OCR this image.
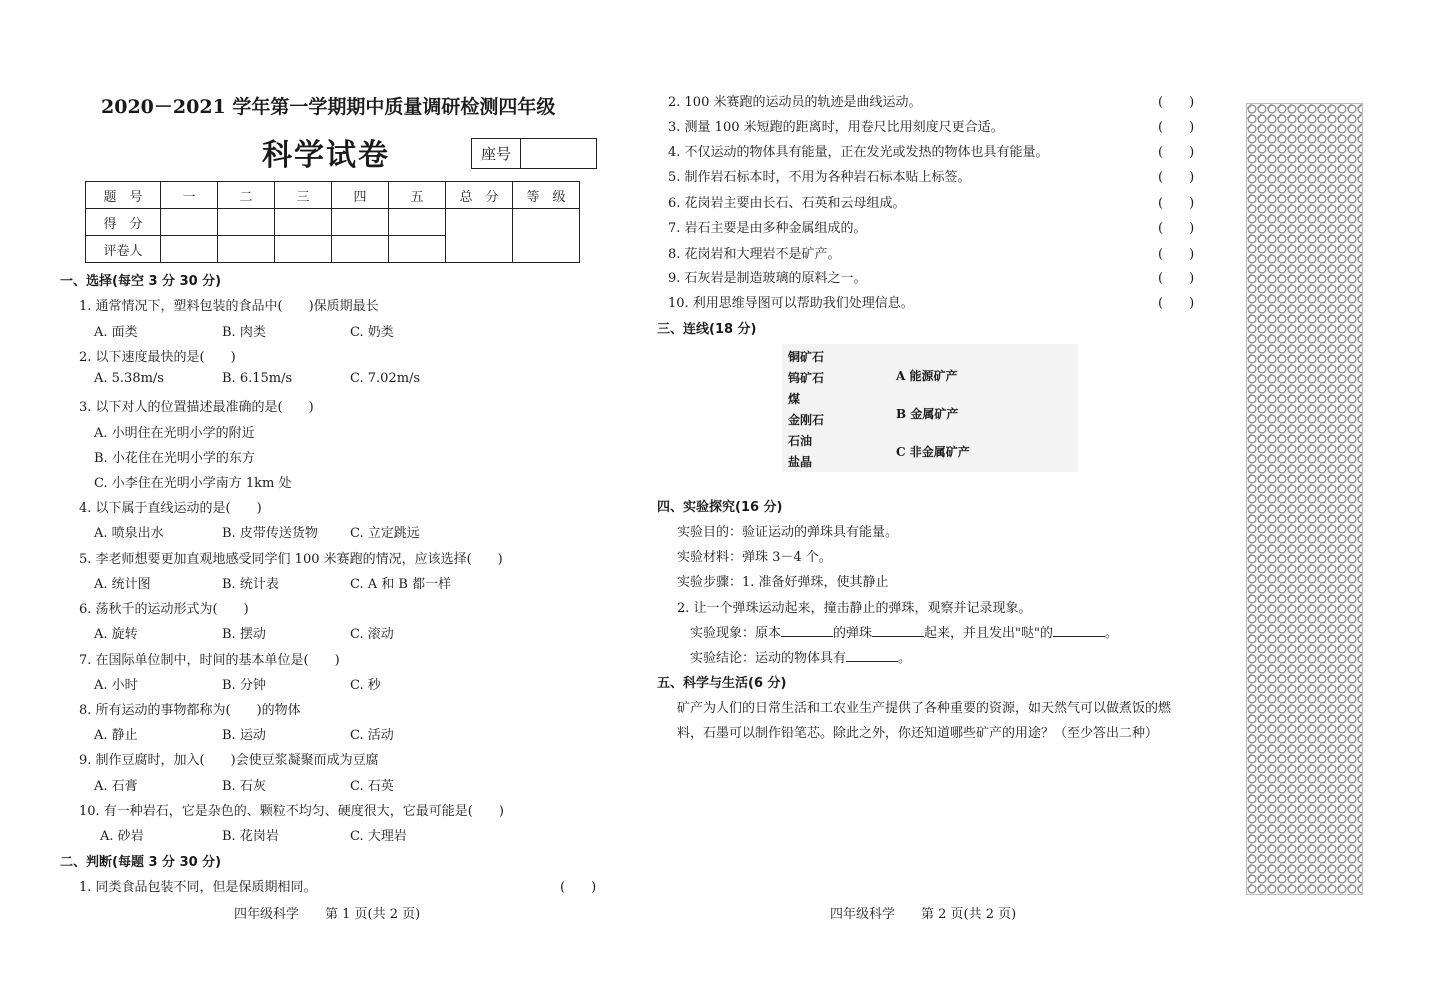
2020－2021 学年第一学期期中质量调研检测四年级
科学试卷	座号
题　号	一	二	三	四	五	总　分	等　级
得　分							
评卷人							
一、选择(每空 3 分 30 分)
1. 通常情况下，塑料包装的食品中(　　)保质期最长
A. 面类	B. 肉类	C. 奶类
2. 以下速度最快的是(　　)
A. 5.38m/s	B. 6.15m/s	C. 7.02m/s
3. 以下对人的位置描述最准确的是(　　)
A. 小明住在光明小学的附近
B. 小花住在光明小学的东方
C. 小李住在光明小学南方 1km 处
4. 以下属于直线运动的是(　　)
A. 喷泉出水	B. 皮带传送货物 C. 立定跳远
5. 李老师想要更加直观地感受同学们 100 米赛跑的情况，应该选择(　　)
A. 统计图	B. 统计表	C. A 和 B 都一样
6. 荡秋千的运动形式为(　　)
A. 旋转	B. 摆动	C. 滚动
7. 在国际单位制中，时间的基本单位是(　　)
A. 小时	B. 分钟	C. 秒
8. 所有运动的事物都称为(　　)的物体
A. 静止	B. 运动	C. 活动
9. 制作豆腐时，加入(　　)会使豆浆凝聚而成为豆腐
A. 石膏	B. 石灰	C. 石英
10. 有一种岩石，它是杂色的、颗粒不均匀、硬度很大，它最可能是(　　)
A. 砂岩	B. 花岗岩	C. 大理岩
二、判断(每题 3 分 30 分)
1. 同类食品包装不同，但是保质期相同。	(　　)
2. 100 米赛跑的运动员的轨迹是曲线运动。	(　　)
3. 测量 100 米短跑的距离时，用卷尺比用刻度尺更合适。	(　　)
4. 不仅运动的物体具有能量，正在发光或发热的物体也具有能量。	(　　)
5. 制作岩石标本时，不用为各种岩石标本贴上标签。	(　　)
6. 花岗岩主要由长石、石英和云母组成。	(　　)
7. 岩石主要是由多种金属组成的。	(　　)
8. 花岗岩和大理岩不是矿产。	(　　)
9. 石灰岩是制造玻璃的原料之一。	(　　)
10. 利用思维导图可以帮助我们处理信息。	(　　)
三、连线(18 分)
铜矿石
钨矿石
煤
金刚石
石油
盐晶
A 能源矿产
B 金属矿产
C 非金属矿产
四、实验探究(16 分)
实验目的：验证运动的弹珠具有能量。
实验材料：弹珠 3－4 个。
实验步骤：1. 准备好弹珠，使其静止
2. 让一个弹珠运动起来，撞击静止的弹珠，观察并记录现象。
实验现象：原本	的弹珠	起来，并且发出"哒"的	。
实验结论：运动的物体具有	。
五、科学与生活(6 分)
矿产为人们的日常生活和工农业生产提供了各种重要的资源，如天然气可以做煮饭的燃
料，石墨可以制作铅笔芯。除此之外，你还知道哪些矿产的用途？（至少答出二种）
四年级科学　　第 1 页(共 2 页)	四年级科学　　第 2 页(共 2 页)
